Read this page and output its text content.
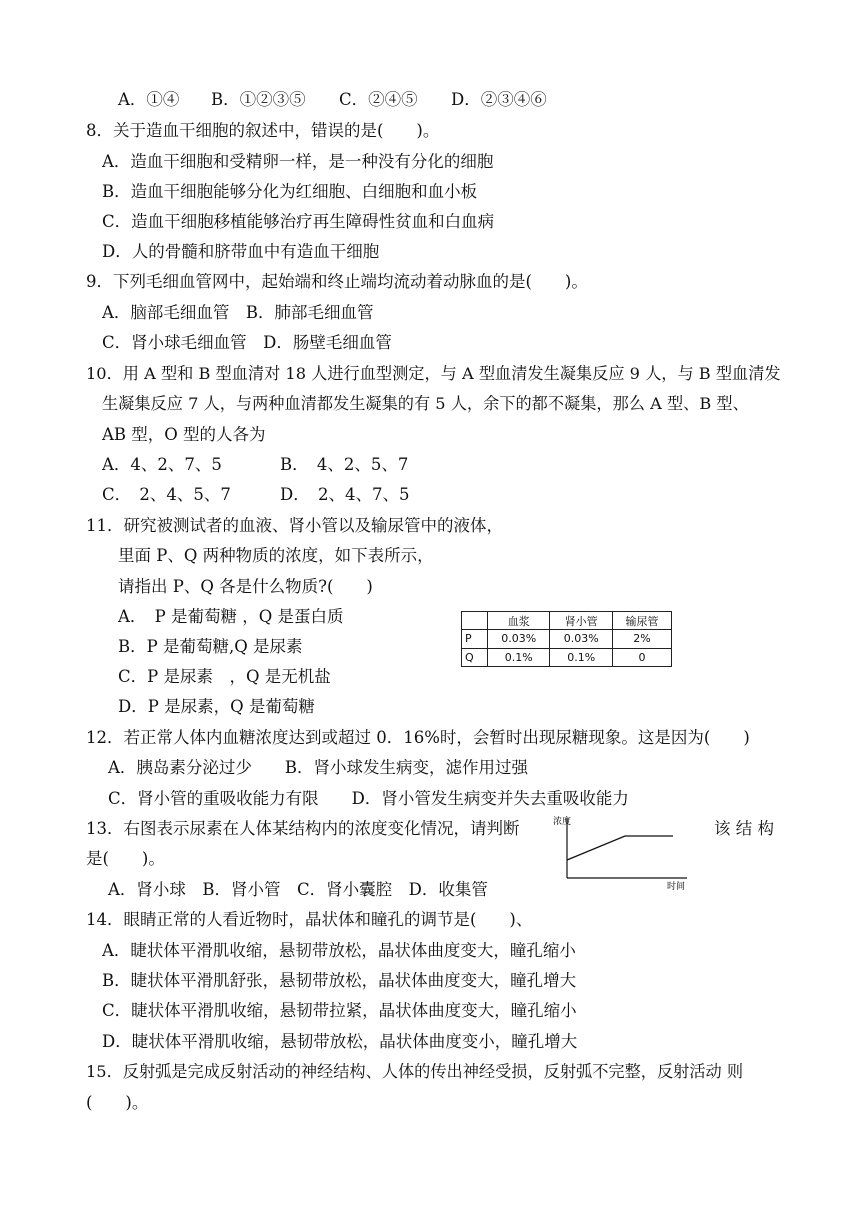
A．①④ B．①②③⑤ C．②④⑤ D．②③④⑥
8．关于造血干细胞的叙述中，错误的是(　　)。
A．造血干细胞和受精卵一样，是一种没有分化的细胞
B．造血干细胞能够分化为红细胞、白细胞和血小板
C．造血干细胞移植能够治疗再生障碍性贫血和白血病
D．人的骨髓和脐带血中有造血干细胞
9．下列毛细血管网中，起始端和终止端均流动着动脉血的是(　　)。
A．脑部毛细血管　B．肺部毛细血管
C．肾小球毛细血管　D．肠壁毛细血管
10．用 A 型和 B 型血清对 18 人进行血型测定，与 A 型血清发生凝集反应 9 人，与 B 型血清发
生凝集反应 7 人，与两种血清都发生凝集的有 5 人，余下的都不凝集，那么 A 型、B 型、
AB 型，O 型的人各为
A．4、2、7、5	B．　4、2、5、7
C．　2、4、5、7	D．　2、4、7、5
11．研究被测试者的血液、肾小管以及输尿管中的液体，
里面 P、Q 两种物质的浓度，如下表所示，
请指出 P、Q 各是什么物质?(　　)
A．　P 是葡萄糖 ，Q 是蛋白质
B．P 是葡萄糖,Q 是尿素
C．P 是尿素　，Q 是无机盐
D．P 是尿素，Q 是葡萄糖
	血浆	肾小管	输尿管
P	0.03%	0.03%	2%
Q	0.1%	0.1%	0
12．若正常人体内血糖浓度达到或超过 0．16%时，会暂时出现尿糖现象。这是因为(　　)
A．胰岛素分泌过少　　B．肾小球发生病变，滤作用过强
C．肾小管的重吸收能力有限　　D．肾小管发生病变并失去重吸收能力
13．右图表示尿素在人体某结构内的浓度变化情况，请判断	该 结 构
是(　　)。
A．肾小球　B．肾小管　C．肾小囊腔　D．收集管
浓度
时间
14．眼睛正常的人看近物时，晶状体和瞳孔的调节是(　　)、
A．睫状体平滑肌收缩，悬韧带放松，晶状体曲度变大，瞳孔缩小
B．睫状体平滑肌舒张，悬韧带放松，晶状体曲度变大，瞳孔增大
C．睫状体平滑肌收缩，悬韧带拉紧，晶状体曲度变大，瞳孔缩小
D．睫状体平滑肌收缩，悬韧带放松，晶状体曲度变小，瞳孔增大
15．反射弧是完成反射活动的神经结构、人体的传出神经受损，反射弧不完整，反射活动 则
(　　)。
